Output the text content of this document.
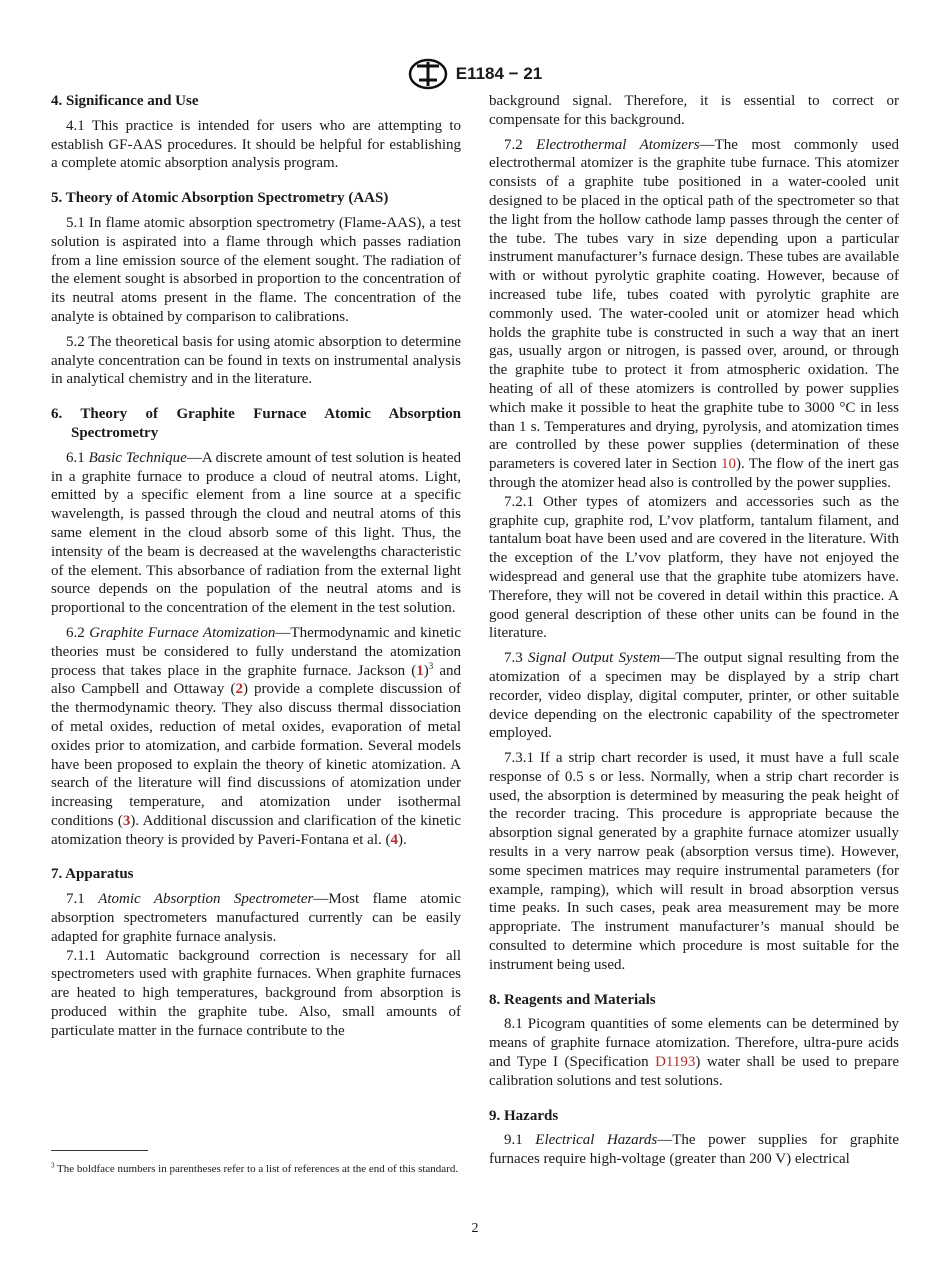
E1184 − 21
4. Significance and Use

4.1 This practice is intended for users who are attempting to establish GF-AAS procedures. It should be helpful for establishing a complete atomic absorption analysis program.

5. Theory of Atomic Absorption Spectrometry (AAS)

5.1 In flame atomic absorption spectrometry (Flame-AAS), a test solution is aspirated into a flame through which passes radiation from a line emission source of the element sought. The radiation of the element sought is absorbed in proportion to the concentration of its neutral atoms present in the flame. The concentration of the analyte is obtained by comparison to calibrations.

5.2 The theoretical basis for using atomic absorption to determine analyte concentration can be found in texts on instrumental analysis in analytical chemistry and in the literature.

6. Theory of Graphite Furnace Atomic Absorption Spectrometry

6.1 Basic Technique—A discrete amount of test solution is heated in a graphite furnace to produce a cloud of neutral atoms. Light, emitted by a specific element from a line source at a specific wavelength, is passed through the cloud and neutral atoms of this same element in the cloud absorb some of this light. Thus, the intensity of the beam is decreased at the wavelengths characteristic of the element. This absorbance of radiation from the external light source depends on the population of the neutral atoms and is proportional to the concentration of the element in the test solution.

6.2 Graphite Furnace Atomization—Thermodynamic and kinetic theories must be considered to fully understand the atomization process that takes place in the graphite furnace. Jackson $(1)^3$ and also Campbell and Ottaway (2) provide a complete discussion of the thermodynamic theory. They also discuss thermal dissociation of metal oxides, reduction of metal oxides, evaporation of metal oxides prior to atomization, and carbide formation. Several models have been proposed to explain the theory of kinetic atomization. A search of the literature will find discussions of atomization under increasing temperature, and atomization under isothermal conditions (3). Additional discussion and clarification of the kinetic atomization theory is provided by Paveri-Fontana et al. (4).

7. Apparatus

7.1 Atomic Absorption Spectrometer—Most flame atomic absorption spectrometers manufactured currently can be easily adapted for graphite furnace analysis.

7.1.1 Automatic background correction is necessary for all spectrometers used with graphite furnaces. When graphite furnaces are heated to high temperatures, background from absorption is produced within the graphite tube. Also, small amounts of particulate matter in the furnace contribute to the

background signal. Therefore, it is essential to correct or compensate for this background.

7.2 Electrothermal Atomizers—The most commonly used electrothermal atomizer is the graphite tube furnace. This atomizer consists of a graphite tube positioned in a water-cooled unit designed to be placed in the optical path of the spectrometer so that the light from the hollow cathode lamp passes through the center of the tube. The tubes vary in size depending upon a particular instrument manufacturer’s furnace design. These tubes are available with or without pyrolytic graphite coating. However, because of increased tube life, tubes coated with pyrolytic graphite are commonly used. The water-cooled unit or atomizer head which holds the graphite tube is constructed in such a way that an inert gas, usually argon or nitrogen, is passed over, around, or through the graphite tube to protect it from atmospheric oxidation. The heating of all of these atomizers is controlled by power supplies which make it possible to heat the graphite tube to 3000 °C in less than 1 s. Temperatures and drying, pyrolysis, and atomization times are controlled by these power supplies (determination of these parameters is covered later in Section 10). The flow of the inert gas through the atomizer head also is controlled by the power supplies.

7.2.1 Other types of atomizers and accessories such as the graphite cup, graphite rod, L’vov platform, tantalum filament, and tantalum boat have been used and are covered in the literature. With the exception of the L’vov platform, they have not enjoyed the widespread and general use that the graphite tube atomizers have. Therefore, they will not be covered in detail within this practice. A good general description of these other units can be found in the literature.

7.3 Signal Output System—The output signal resulting from the atomization of a specimen may be displayed by a strip chart recorder, video display, digital computer, printer, or other suitable device depending on the electronic capability of the spectrometer employed.

7.3.1 If a strip chart recorder is used, it must have a full scale response of 0.5 s or less. Normally, when a strip chart recorder is used, the absorption is determined by measuring the peak height of the recorder tracing. This procedure is appropriate because the absorption signal generated by a graphite furnace atomizer usually results in a very narrow peak (absorption versus time). However, some specimen matrices may require instrumental parameters (for example, ramping), which will result in broad absorption versus time peaks. In such cases, peak area measurement may be more appropriate. The instrument manufacturer’s manual should be consulted to determine which procedure is most suitable for the instrument being used.

8. Reagents and Materials

8.1 Picogram quantities of some elements can be determined by means of graphite furnace atomization. Therefore, ultra-pure acids and Type I (Specification D1193) water shall be used to prepare calibration solutions and test solutions.

9. Hazards

9.1 Electrical Hazards—The power supplies for graphite furnaces require high-voltage (greater than 200 V) electrical

$^3$ The boldface numbers in parentheses refer to a list of references at the end of this standard.
2
